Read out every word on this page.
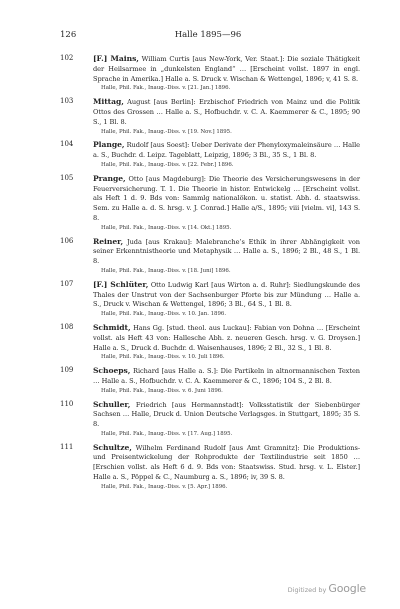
126	Halle 1895—96
102	[F.] Mains, William Curtis [aus New-York, Ver. Staat.]: Die soziale Thätigkeit der Heilsarmee in „dunkelsten England“ … [Erscheint vollst. 1897 in engl. Sprache in Amerika.] Halle a. S. Druck v. Wischan & Wettengel, 1896; v, 41 S. 8.
Halle, Phil. Fak., Inaug.-Diss. v. [21. Jan.] 1896.
103	Mittag, August [aus Berlin]: Erzbischof Friedrich von Mainz und die Politik Ottos des Grossen … Halle a. S., Hofbuchdr. v. C. A. Kaemmerer & C., 1895; 90 S., 1 Bl. 8.
Halle, Phil. Fak., Inaug.-Diss. v. [19. Nov.] 1895.
104	Plange, Rudolf [aus Soest]: Ueber Derivate der Phenyloxymaleinsäure … Halle a. S., Buchdr. d. Leipz. Tageblatt, Leipzig, 1896; 3 Bl., 35 S., 1 Bl. 8.
Halle, Phil. Fak., Inaug.-Diss. v. [22. Febr.] 1896.
105	Prange, Otto [aus Magdeburg]: Die Theorie des Versicherungswesens in der Feuerversicherung. T. 1. Die Theorie in histor. Entwickelg … [Erscheint vollst. als Heft 1 d. 9. Bds von: Sammlg nationalökon. u. statist. Abh. d. staatswiss. Sem. zu Halle a. d. S. hrsg. v. J. Conrad.] Halle a/S., 1895; viii [vielm. vi], 143 S. 8.
Halle, Phil. Fak., Inaug.-Diss. v. [14. Okt.] 1895.
106	Reiner, Juda [aus Krakau]: Malebranche’s Ethik in ihrer Abhängigkeit von seiner Erkenntnistheorie und Metaphysik … Halle a. S., 1896; 2 Bl., 48 S., 1 Bl. 8.
Halle, Phil. Fak., Inaug.-Diss. v. [18. Juni] 1896.
107	[F.] Schlüter, Otto Ludwig Karl [aus Wirton a. d. Ruhr]: Siedlungskunde des Thales der Unstrut von der Sachsenburger Pforte bis zur Mündung … Halle a. S., Druck v. Wischan & Wettengel, 1896; 3 Bl., 64 S., 1 Bl. 8.
Halle, Phil. Fak., Inaug.-Diss. v. 10. Jan. 1896.
108	Schmidt, Hans Gg. [stud. theol. aus Luckau]: Fabian von Dohna … [Erscheint vollst. als Heft 43 von: Hallesche Abh. z. neueren Gesch. hrsg. v. G. Droysen.] Halle a. S., Druck d. Buchdr. d. Waisenhauses, 1896; 2 Bl., 32 S., 1 Bl. 8.
Halle, Phil. Fak., Inaug.-Diss. v. 10. Juli 1896.
109	Schoeps, Richard [aus Halle a. S.]: Die Partikeln in altnormannischen Texten … Halle a. S., Hofbuchdr. v. C. A. Kaemmerer & C., 1896; 104 S., 2 Bl. 8.
Halle, Phil. Fak., Inaug.-Diss. v. 6. Juni 1896.
110	Schuller, Friedrich [aus Hermannstadt]: Volksstatistik der Siebenbürger Sachsen … Halle, Druck d. Union Deutsche Verlagsges. in Stuttgart, 1895; 35 S. 8.
Halle, Phil. Fak., Inaug.-Diss. v. [17. Aug.] 1895.
111	Schultze, Wilhelm Ferdinand Rudolf [aus Amt Gramnitz]: Die Produktions- und Preisentwickelung der Rohprodukte der Textilindustrie seit 1850 … [Erschien vollst. als Heft 6 d. 9. Bds von: Staatswiss. Stud. hrsg. v. L. Elster.] Halle a. S., Pöppel & C., Naumburg a. S., 1896; iv, 39 S. 8.
Halle, Phil. Fak., Inaug.-Diss. v. [5. Apr.] 1896.
Digitized by Google
